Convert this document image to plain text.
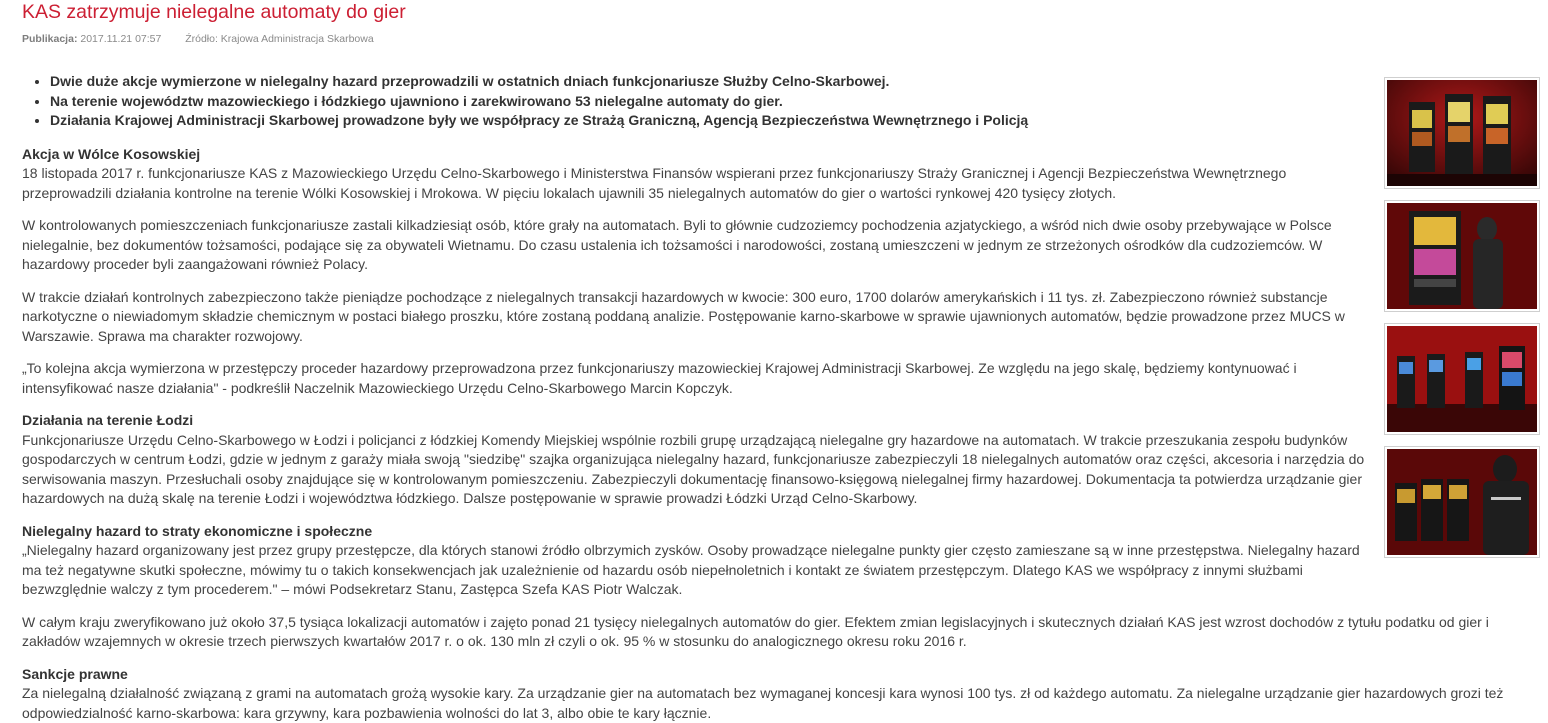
KAS zatrzymuje nielegalne automaty do gier
Publikacja: 2017.11.21 07:57 Źródło: Krajowa Administracja Skarbowa
• Dwie duże akcje wymierzone w nielegalny hazard przeprowadzili w ostatnich dniach funkcjonariusze Służby Celno-Skarbowej.
• Na terenie województw mazowieckiego i łódzkiego ujawniono i zarekwirowano 53 nielegalne automaty do gier.
• Działania Krajowej Administracji Skarbowej prowadzone były we współpracy ze Strażą Graniczną, Agencją Bezpieczeństwa Wewnętrznego i Policją
Akcja w Wólce Kosowskiej

18 listopada 2017 r. funkcjonariusze KAS z Mazowieckiego Urzędu Celno-Skarbowego i Ministerstwa Finansów wspierani przez funkcjonariuszy Straży Granicznej i Agencji Bezpieczeństwa Wewnętrznego przeprowadzili działania kontrolne na terenie Wólki Kosowskiej i Mrokowa. W pięciu lokalach ujawnili 35 nielegalnych automatów do gier o wartości rynkowej 420 tysięcy złotych.

W kontrolowanych pomieszczeniach funkcjonariusze zastali kilkadziesiąt osób, które grały na automatach. Byli to głównie cudzoziemcy pochodzenia azjatyckiego, a wśród nich dwie osoby przebywające w Polsce nielegalnie, bez dokumentów tożsamości, podające się za obywateli Wietnamu. Do czasu ustalenia ich tożsamości i narodowości, zostaną umieszczeni w jednym ze strzeżonych ośrodków dla cudzoziemców. W hazardowy proceder byli zaangażowani również Polacy.

W trakcie działań kontrolnych zabezpieczono także pieniądze pochodzące z nielegalnych transakcji hazardowych w kwocie: 300 euro, 1700 dolarów amerykańskich i 11 tys. zł. Zabezpieczono również substancje narkotyczne o niewiadomym składzie chemicznym w postaci białego proszku, które zostaną poddaną analizie. Postępowanie karno-skarbowe w sprawie ujawnionych automatów, będzie prowadzone przez MUCS w Warszawie. Sprawa ma charakter rozwojowy.

„To kolejna akcja wymierzona w przestępczy proceder hazardowy przeprowadzona przez funkcjonariuszy mazowieckiej Krajowej Administracji Skarbowej. Ze względu na jego skalę, będziemy kontynuować i intensyfikować nasze działania" - podkreślił Naczelnik Mazowieckiego Urzędu Celno-Skarbowego Marcin Kopczyk.

Działania na terenie Łodzi

Funkcjonariusze Urzędu Celno-Skarbowego w Łodzi i policjanci z łódzkiej Komendy Miejskiej wspólnie rozbili grupę urządzającą nielegalne gry hazardowe na automatach. W trakcie przeszukania zespołu budynków gospodarczych w centrum Łodzi, gdzie w jednym z garaży miała swoją "siedzibę" szajka organizująca nielegalny hazard, funkcjonariusze zabezpieczyli 18 nielegalnych automatów oraz części, akcesoria i narzędzia do serwisowania maszyn. Przesłuchali osoby znajdujące się w kontrolowanym pomieszczeniu. Zabezpieczyli dokumentację finansowo-księgową nielegalnej firmy hazardowej. Dokumentacja ta potwierdza urządzanie gier hazardowych na dużą skalę na terenie Łodzi i województwa łódzkiego. Dalsze postępowanie w sprawie prowadzi Łódzki Urząd Celno-Skarbowy.

Nielegalny hazard to straty ekonomiczne i społeczne

„Nielegalny hazard organizowany jest przez grupy przestępcze, dla których stanowi źródło olbrzymich zysków. Osoby prowadzące nielegalne punkty gier często zamieszane są w inne przestępstwa. Nielegalny hazard ma też negatywne skutki społeczne, mówimy tu o takich konsekwencjach jak uzależnienie od hazardu osób niepełnoletnich i kontakt ze światem przestępczym. Dlatego KAS we współpracy z innymi służbami bezwzględnie walczy z tym procederem." – mówi Podsekretarz Stanu, Zastępca Szefa KAS Piotr Walczak.

W całym kraju zweryfikowano już około 37,5 tysiąca lokalizacji automatów i zajęto ponad 21 tysięcy nielegalnych automatów do gier. Efektem zmian legislacyjnych i skutecznych działań KAS jest wzrost dochodów z tytułu podatku od gier i zakładów wzajemnych w okresie trzech pierwszych kwartałów 2017 r. o ok. 130 mln zł czyli o ok. 95 % w stosunku do analogicznego okresu roku 2016 r.

Sankcje prawne

Za nielegalną działalność związaną z grami na automatach grożą wysokie kary. Za urządzanie gier na automatach bez wymaganej koncesji kara wynosi 100 tys. zł od każdego automatu. Za nielegalne urządzanie gier hazardowych grozi też odpowiedzialność karno-skarbowa: kara grzywny, kara pozbawienia wolności do lat 3, albo obie te kary łącznie.
